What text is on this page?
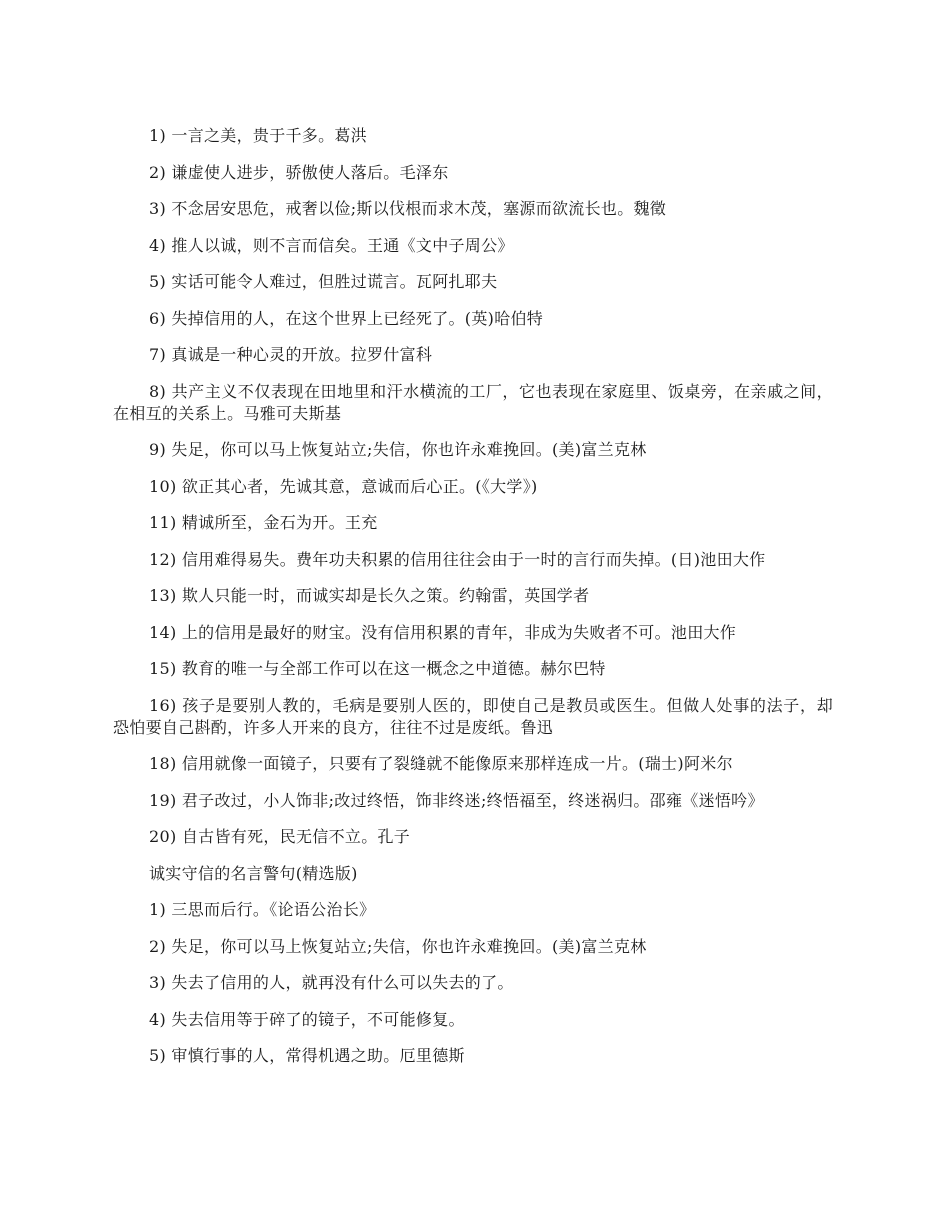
1) 一言之美，贵于千多。葛洪

2) 谦虚使人进步，骄傲使人落后。毛泽东

3) 不念居安思危，戒奢以俭;斯以伐根而求木茂，塞源而欲流长也。魏徵

4) 推人以诚，则不言而信矣。王通《文中子周公》

5) 实话可能令人难过，但胜过谎言。瓦阿扎耶夫

6) 失掉信用的人，在这个世界上已经死了。(英)哈伯特

7) 真诚是一种心灵的开放。拉罗什富科

8) 共产主义不仅表现在田地里和汗水横流的工厂，它也表现在家庭里、饭桌旁，在亲戚之间，在相互的关系上。马雅可夫斯基

9) 失足，你可以马上恢复站立;失信，你也许永难挽回。(美)富兰克林

10) 欲正其心者，先诚其意，意诚而后心正。(《大学》)

11) 精诚所至，金石为开。王充

12) 信用难得易失。费年功夫积累的信用往往会由于一时的言行而失掉。(日)池田大作

13) 欺人只能一时，而诚实却是长久之策。约翰雷，英国学者

14) 上的信用是最好的财宝。没有信用积累的青年，非成为失败者不可。池田大作

15) 教育的唯一与全部工作可以在这一概念之中道德。赫尔巴特

16) 孩子是要别人教的，毛病是要别人医的，即使自己是教员或医生。但做人处事的法子，却恐怕要自己斟酌，许多人开来的良方，往往不过是废纸。鲁迅

18) 信用就像一面镜子，只要有了裂缝就不能像原来那样连成一片。(瑞士)阿米尔

19) 君子改过，小人饰非;改过终悟，饰非终迷;终悟福至，终迷祸归。邵雍《迷悟吟》

20) 自古皆有死，民无信不立。孔子

诚实守信的名言警句(精选版)

1) 三思而后行。《论语公治长》

2) 失足，你可以马上恢复站立;失信，你也许永难挽回。(美)富兰克林

3) 失去了信用的人，就再没有什么可以失去的了。

4) 失去信用等于碎了的镜子，不可能修复。

5) 审慎行事的人，常得机遇之助。厄里德斯
